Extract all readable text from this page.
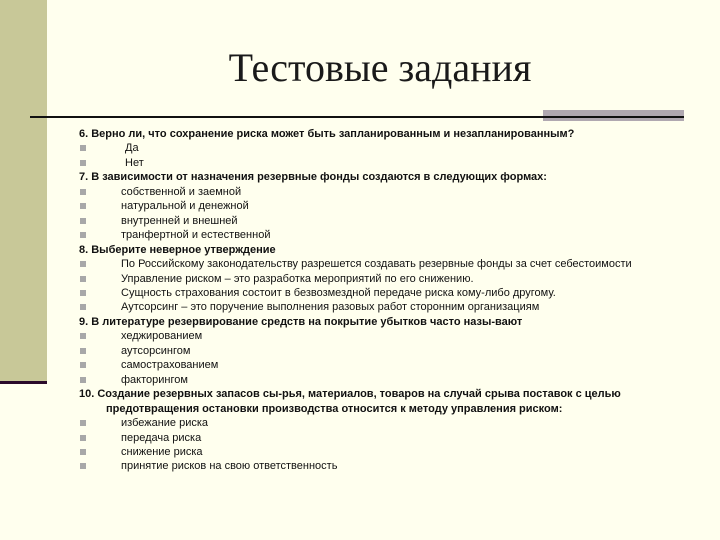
Тестовые задания
6. Верно ли, что сохранение риска может быть запланированным и незапланированным?
Да
Нет
7. В зависимости от назначения резервные фонды создаются в следующих формах:
собственной и заемной
натуральной и денежной
внутренней и внешней
транфертной и естественной
8. Выберите неверное утверждение
По Российскому законодательству разрешется создавать резервные фонды за счет себестоимости
Управление риском – это разработка мероприятий по его снижению.
Сущность страхования состоит в безвозмездной передаче риска кому-либо другому.
Аутсорсинг – это поручение выполнения разовых работ сторонним организациям
9. В литературе резервирование средств на покрытие убытков часто назы-вают
хеджированием
аутсорсингом
самострахованием
факторингом
10. Создание резервных запасов сы-рья, материалов, товаров на случай срыва поставок с целью предотвращения остановки производства относится к методу управления риском:
избежание риска
передача риска
снижение риска
принятие рисков на свою ответственность
